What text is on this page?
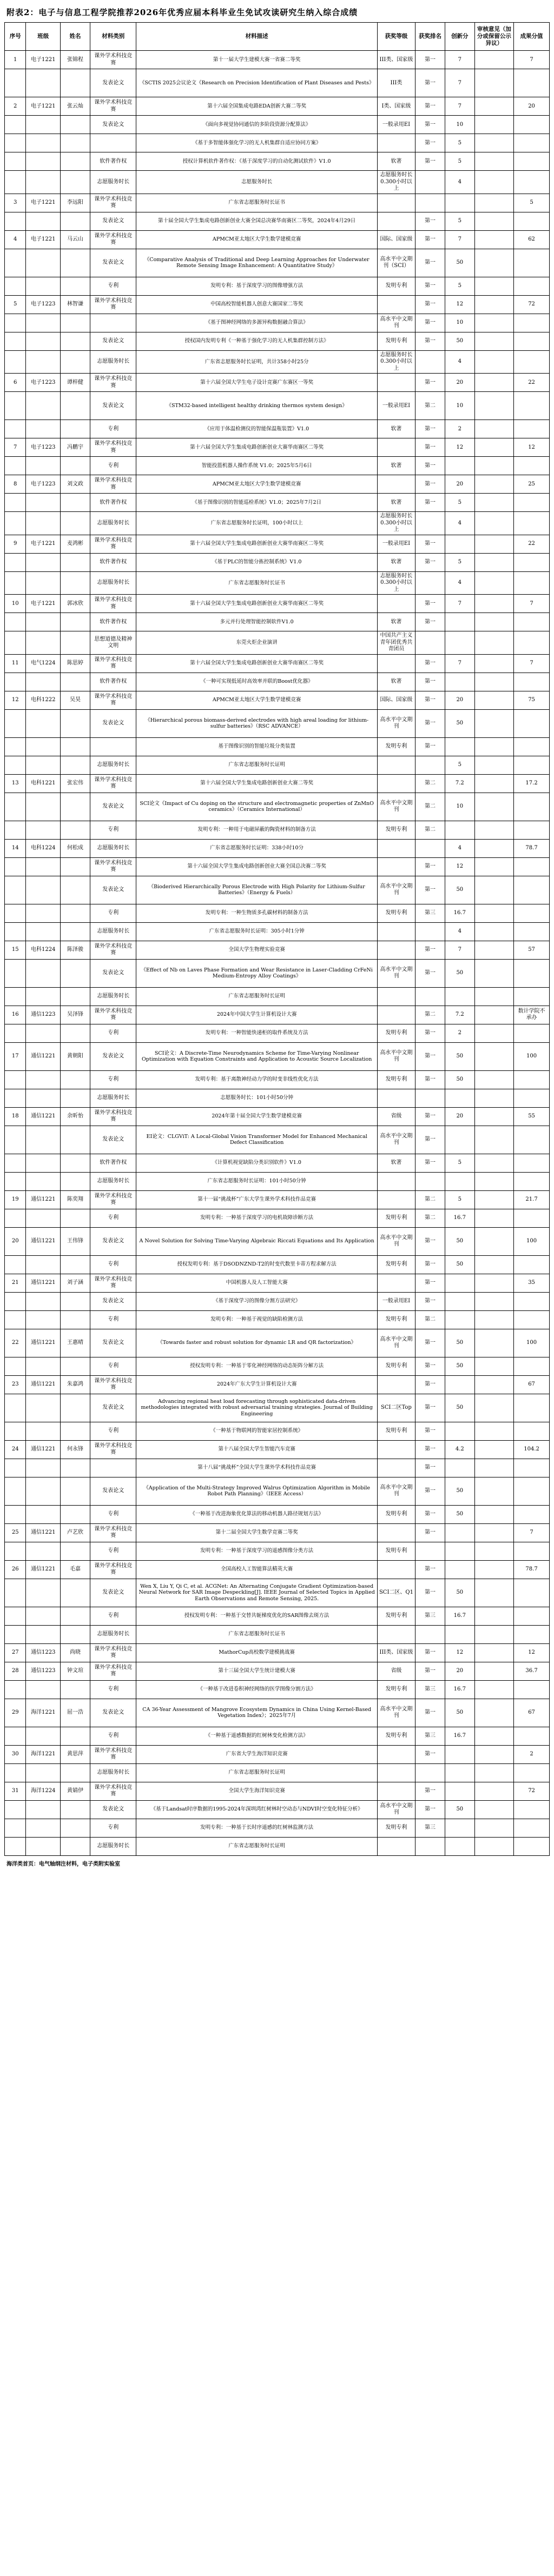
附表2：电子与信息工程学院推荐2026年优秀应届本科毕业生免试攻读研究生纳入综合成绩
序号	班级	姓名	材料类别	材料描述	获奖等级	获奖排名	创新分	审核意见（加分或保留公示异议）	成果分值
1	电子1221	张锦程	课外学术科技竞赛	第十一届大学生建模大赛一省赛二等奖	III类、国家级	第一	7		7
			发表论文	《SCTIS 2025会议论文《Research on Precision Identification of Plant Diseases and Pests》	III类	第一	7		
2	电子1221	张云灿	课外学术科技竞赛	第十六届全国集成电路EDA创新大赛二等奖	I类、国家级	第一	7		20
			发表论文	《面向多视觉协同通信的多阶段资源分配算法》	一般录用EI	第一	10		
				《基于多智能体强化学习的无人机集群自适应协同方案》		第一	5		
			软件著作权	授权计算机软件著作权：《基于深度学习的自动化测试软件》V1.0	软著	第一	5		
			志愿服务时长	志愿服务时长	志愿服务时长0.300小时以上		4		
3	电子1221	李远阳	课外学术科技竞赛	广东省志愿服务时长证书					5
			发表论文	第十届全国大学生集成电路创新创业大赛全国总决赛华南赛区二等奖，2024年4月29日		第一	5		
4	电子1221	马云山	课外学术科技竞赛	APMCM亚太地区大学生数学建模竞赛	国际、国家级	第一	7		62
			发表论文	《Comparative Analysis of Traditional and Deep Learning Approaches for Underwater Remote Sensing Image Enhancement: A Quantitative Study》	高水平中文期刊（SCI）	第一	50		
			专利	发明专利：基于深度学习的图像增强方法	发明专利	第一	5		
5	电子1223	林智谦	课外学术科技竞赛	中国高校智能机器人创意大赛国家二等奖		第一	12		72
				《基于图神经网络的多源异构数据融合算法》	高水平中文期刊	第一	10		
			发表论文	授权国内发明专利《一种基于强化学习的无人机集群控制方法》	发明专利	第一	50		
			志愿服务时长	广东省志愿服务时长证明，共计358小时25分	志愿服务时长0.300小时以上		4		
6	电子1223	谭梓健	课外学术科技竞赛	第十六届全国大学生电子设计竞赛广东赛区一等奖		第一	20		22
			发表论文	《STM32-based intelligent healthy drinking thermos system design》	一般录用EI	第二	10		
			专利	《应用于体温检测仪的智能保温瓶装置》V1.0	软著	第一	2		
7	电子1223	冯鹏宇	课外学术科技竞赛	第十六届全国大学生集成电路创新创业大赛华南赛区二等奖		第一	12		12
			专利	智能投篮机器人操作系统 V1.0；2025年5月6日	软著	第一			
8	电子1223	刘文政	课外学术科技竞赛	APMCM亚太地区大学生数学建模竞赛		第一	20		25
			软件著作权	《基于图像识别的智能巡检系统》V1.0；2025年7月2日	软著	第一	5		
			志愿服务时长	广东省志愿服务时长证明，100小时以上	志愿服务时长0.300小时以上		4		
9	电子1221	麦鸿彬	课外学术科技竞赛	第十六届全国大学生集成电路创新创业大赛华南赛区二等奖	一般录用EI	第一			22
			软件著作权	《基于PLC的智能分拣控制系统》V1.0	软著	第一	5		
			志愿服务时长	广东省志愿服务时长证书	志愿服务时长0.300小时以上		4		
10	电子1221	郭冰欣	课外学术科技竞赛	第十六届全国大学生集成电路创新创业大赛华南赛区二等奖		第一	7		7
			软件著作权	多元并行处理智能控制软件V1.0	软著	第一			
			思想道德及精神文明	东莞火炬企业演讲	中国共产主义青年团优秀共青团员				
11	电气1224	陈思婷	课外学术科技竞赛	第十六届全国大学生集成电路创新创业大赛华南赛区二等奖		第一	7		7
			软件著作权	《一种可实现低延时高效率并联的Boost优化器》	软著	第一			
12	电科1222	吴昊	课外学术科技竞赛	APMCM亚太地区大学生数学建模竞赛	国际、国家级	第一	20		75
			发表论文	《Hierarchical porous biomass-derived electrodes with high areal loading for lithium-sulfur batteries》（RSC ADVANCE）	高水平中文期刊	第一	50		
				基于图像识别的智能垃圾分类装置	发明专利	第一			
			志愿服务时长	广东省志愿服务时长证明			5		
13	电科1221	张宏伟	课外学术科技竞赛	第十六届全国大学生集成电路创新创业大赛二等奖		第二	7.2		17.2
			发表论文	SCI论文《Impact of Cu doping on the structure and electromagnetic properties of ZnMnO ceramics》（Ceramics International）	高水平中文期刊	第二	10		
			专利	发明专利：一种用于电磁屏蔽的陶瓷材料的制备方法	发明专利	第二			
14	电科1224	何松成	志愿服务时长	广东省志愿服务时长证明：338小时10分			4		78.7
			课外学术科技竞赛	第十六届全国大学生集成电路创新创业大赛全国总决赛二等奖		第一	12		
			发表论文	《Bioderived Hierarchically Porous Electrode with High Polarity for Lithium-Sulfur Batteries》（Energy & Fuels）	高水平中文期刊	第一	50		
			专利	发明专利：一种生物质多孔碳材料的制备方法	发明专利	第三	16.7		
			志愿服务时长	广东省志愿服务时长证明：305小时1分钟			4		
15	电科1224	陈泽骏	课外学术科技竞赛	全国大学生物理实验竞赛		第一	7		57
			发表论文	《Effect of Nb on Laves Phase Formation and Wear Resistance in Laser-Cladding CrFeNi Medium-Entropy Alloy Coatings》	高水平中文期刊	第一	50		
			志愿服务时长	广东省志愿服务时长证明					
16	通信1223	吴泽锋	课外学术科技竞赛	2024年中国大学生计算机设计大赛		第二	7.2		数计学院不承办
			专利	发明专利：一种智能快递柜的取件系统及方法	发明专利	第一	2		
17	通信1221	黄朝阳	发表论文	SCI论文：A Discrete-Time Neurodynamics Scheme for Time-Varying Nonlinear Optimization with Equation Constraints and Application to Acoustic Source Localization	高水平中文期刊	第一	50		100
			专利	发明专利：基于离散神经动力学的时变非线性优化方法	发明专利	第一	50		
			志愿服务时长	志愿服务时长：101小时50分钟					
18	通信1221	余昕怡	课外学术科技竞赛	2024年第十届全国大学生数学建模竞赛	省级	第一	20		55
			发表论文	EI论文：CLGViT: A Local-Global Vision Transformer Model for Enhanced Mechanical Defect Classification	高水平中文期刊	第一			
			软件著作权	《计算机视觉缺陷分类识别软件》V1.0	软著	第一	5		
			志愿服务时长	广东省志愿服务时长证明：101小时50分钟					
19	通信1221	陈奕翔	课外学术科技竞赛	第十一届“挑战杯”广东大学生课外学术科技作品竞赛		第二	5		21.7
			专利	发明专利：一种基于深度学习的电机故障诊断方法	发明专利	第二	16.7		
20	通信1221	王伟锋	发表论文	A Novel Solution for Solving Time-Varying Algebraic Riccati Equations and Its Application	高水平中文期刊	第一	50		100
			专利	授权发明专利：基于DSODNZND-T2的时变代数里卡蒂方程求解方法	发明专利	第一	50		
21	通信1221	刘子涵	课外学术科技竞赛	中国机器人及人工智能大赛		第一			35
			发表论文	《基于深度学习的图像分割方法研究》	一般录用EI	第一			
			专利	发明专利：一种基于视觉的缺陷检测方法	发明专利	第二			
22	通信1221	王惠晴	发表论文	《Towards faster and robust solution for dynamic LR and QR factorization》	高水平中文期刊	第一	50		100
			专利	授权发明专利：一种基于零化神经网络的动态矩阵分解方法	发明专利	第一	50		
23	通信1221	朱嘉鸿	课外学术科技竞赛	2024年广东大学生计算机设计大赛		第一			67
			发表论文	Advancing regional heat load forecasting through sophisticated data-driven methodologies integrated with robust adversarial training strategies. Journal of Building Engineering	SCI二区Top	第一	50		
			专利	《一种基于物联网的智能家居控制系统》	发明专利	第一			
24	通信1221	何永锋	课外学术科技竞赛	第十八届全国大学生智能汽车竞赛		第一	4.2		104.2
				第十八届“挑战杯”全国大学生课外学术科技作品竞赛		第一			
			发表论文	《Application of the Multi-Strategy Improved Walrus Optimization Algorithm in Mobile Robot Path Planning》（IEEE Access）	高水平中文期刊	第一	50		
			专利	《一种基于改进海象优化算法的移动机器人路径规划方法》	发明专利	第一	50		
25	通信1221	卢艺欣	课外学术科技竞赛	第十二届全国大学生数学竞赛二等奖		第一			7
			专利	发明专利：一种基于深度学习的遥感图像分类方法	发明专利				
26	通信1221	毛嘉	课外学术科技竞赛	全国高校人工智能算法精英大赛		第一			78.7
			发表论文	Wen X, Liu Y, Qi C, et al. ACGNet: An Alternating Conjugate Gradient Optimization-based Neural Network for SAR Image Despeckling[J]. IEEE Journal of Selected Topics in Applied Earth Observations and Remote Sensing, 2025.	SCI二区、Q1	第一	50		
			专利	授权发明专利：一种基于交替共轭梯度优化的SAR图像去斑方法	发明专利	第三	16.7		
			志愿服务时长	广东省志愿服务时长证书					
27	通信1223	尚晓	课外学术科技竞赛	MathorCup高校数学建模挑战赛	III类、国家级	第一	12		12
28	通信1223	钟文瑄	课外学术科技竞赛	第十三届全国大学生统计建模大赛	省级	第一	20		36.7
			专利	《一种基于改进卷积神经网络的医学图像分割方法》	发明专利	第三	16.7		
29	海洋1221	屈一浩	发表论文	CA 36-Year Assessment of Mangrove Ecosystem Dynamics in China Using Kernel-Based Vegetation Index》；2025年7月	高水平中文期刊	第一	50		67
			专利	《一种基于遥感数据的红树林变化检测方法》	发明专利	第三	16.7		
30	海洋1221	黄思萍	课外学术科技竞赛	广东省大学生海洋知识竞赛		第一			2
			志愿服务时长	广东省志愿服务时长证明					
31	海洋1224	黄婧伊	课外学术科技竞赛	全国大学生海洋知识竞赛		第一			72
			发表论文	《基于Landsat时序数据的1995-2024年深圳湾红树林时空动态与NDVI时空变化特征分析》	高水平中文期刊	第一	50		
			专利	发明专利：一种基于长时序遥感的红树林监测方法	发明专利	第三			
			志愿服务时长	广东省志愿服务时长证明					
海洋类首页：电气轴纲注材料，电子类附实验室
